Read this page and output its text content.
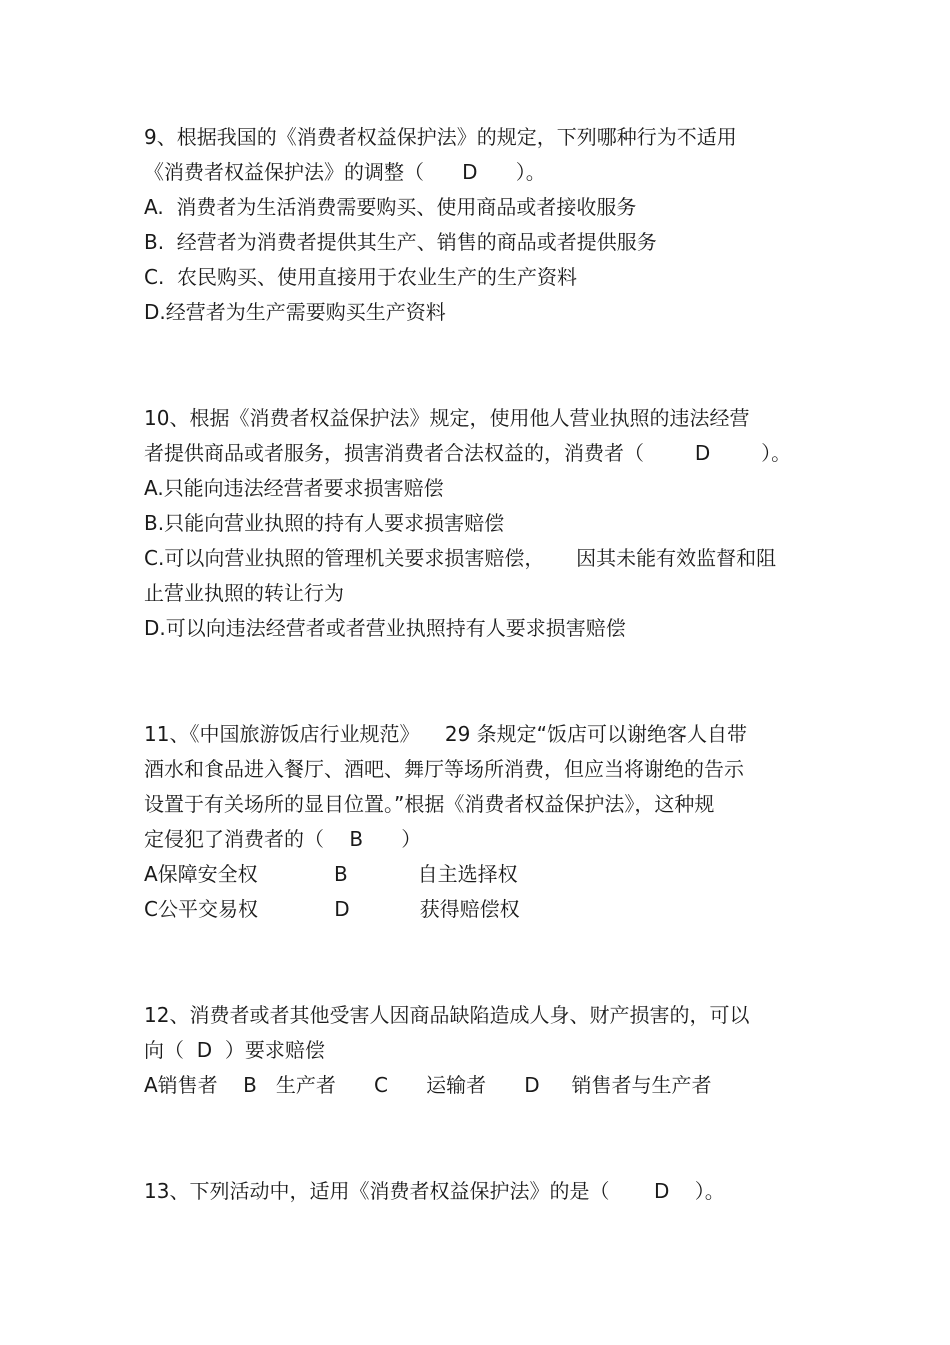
9、根据我国的《消费者权益保护法》的规定，下列哪种行为不适用
《消费者权益保护法》的调整（      D      ）。
A.  消费者为生活消费需要购买、使用商品或者接收服务
B.  经营者为消费者提供其生产、销售的商品或者提供服务
C.  农民购买、使用直接用于农业生产的生产资料
D.经营者为生产需要购买生产资料
10、根据《消费者权益保护法》规定，使用他人营业执照的违法经营
者提供商品或者服务，损害消费者合法权益的，消费者（        D        ）。
A.只能向违法经营者要求损害赔偿
B.只能向营业执照的持有人要求损害赔偿
C.可以向营业执照的管理机关要求损害赔偿，     因其未能有效监督和阻
止营业执照的转让行为
D.可以向违法经营者或者营业执照持有人要求损害赔偿
11、《中国旅游饭店行业规范》    29 条规定“饭店可以谢绝客人自带
酒水和食品进入餐厅、酒吧、舞厅等场所消费，但应当将谢绝的告示
设置于有关场所的显目位置。”根据《消费者权益保护法》，这种规
定侵犯了消费者的（    B      ）
A保障安全权            B           自主选择权
C公平交易权            D           获得赔偿权
12、消费者或者其他受害人因商品缺陷造成人身、财产损害的，可以
向（  D  ）要求赔偿
A销售者    B   生产者      C      运输者      D     销售者与生产者
13、下列活动中，适用《消费者权益保护法》的是（       D    ）。
